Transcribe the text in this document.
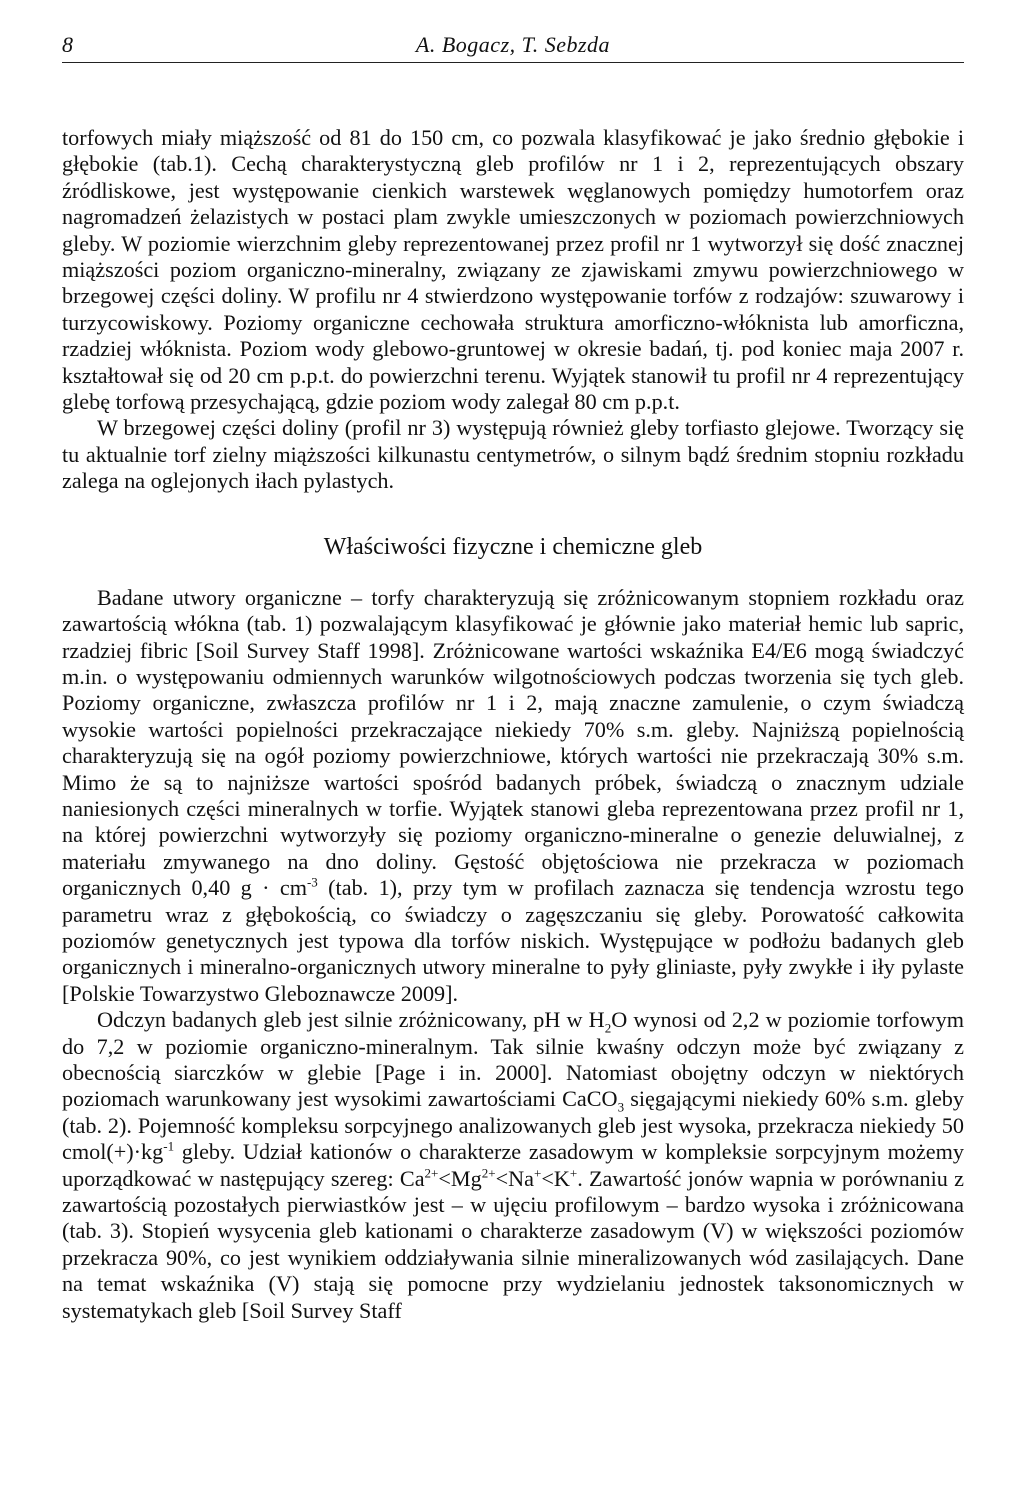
8	A. Bogacz, T. Sebzda

torfowych miały miąższość od 81 do 150 cm, co pozwala klasyfikować je jako średnio głębokie i głębokie (tab.1). Cechą charakterystyczną gleb profilów nr 1 i 2, reprezentujących obszary źródliskowe, jest występowanie cienkich warstewek węglanowych pomiędzy humotorfem oraz nagromadzeń żelazistych w postaci plam zwykle umieszczonych w poziomach powierzchniowych gleby. W poziomie wierzchnim gleby reprezentowanej przez profil nr 1 wytworzył się dość znacznej miąższości poziom organiczno-mineralny, związany ze zjawiskami zmywu powierzchniowego w brzegowej części doliny. W profilu nr 4 stwierdzono występowanie torfów z rodzajów: szuwarowy i turzycowiskowy. Poziomy organiczne cechowała struktura amorficzno-włóknista lub amorficzna, rzadziej włóknista. Poziom wody glebowo-gruntowej w okresie badań, tj. pod koniec maja 2007 r. kształtował się od 20 cm p.p.t. do powierzchni terenu. Wyjątek stanowił tu profil nr 4 reprezentujący glebę torfową przesychającą, gdzie poziom wody zalegał 80 cm p.p.t.

W brzegowej części doliny (profil nr 3) występują również gleby torfiasto glejowe. Tworzący się tu aktualnie torf zielny miąższości kilkunastu centymetrów, o silnym bądź średnim stopniu rozkładu zalega na oglejonych iłach pylastych.

Właściwości fizyczne i chemiczne gleb

Badane utwory organiczne – torfy charakteryzują się zróżnicowanym stopniem rozkładu oraz zawartością włókna (tab. 1) pozwalającym klasyfikować je głównie jako materiał hemic lub sapric, rzadziej fibric [Soil Survey Staff 1998]. Zróżnicowane wartości wskaźnika E4/E6 mogą świadczyć m.in. o występowaniu odmiennych warunków wilgotnościowych podczas tworzenia się tych gleb. Poziomy organiczne, zwłaszcza profilów nr 1 i 2, mają znaczne zamulenie, o czym świadczą wysokie wartości popielności przekraczające niekiedy 70% s.m. gleby. Najniższą popielnością charakteryzują się na ogół poziomy powierzchniowe, których wartości nie przekraczają 30% s.m. Mimo że są to najniższe wartości spośród badanych próbek, świadczą o znacznym udziale naniesionych części mineralnych w torfie. Wyjątek stanowi gleba reprezentowana przez profil nr 1, na której powierzchni wytworzyły się poziomy organiczno-mineralne o genezie deluwialnej, z materiału zmywanego na dno doliny. Gęstość objętościowa nie przekracza w poziomach organicznych 0,40 $g \cdot cm^{-3}$ (tab. 1), przy tym w profilach zaznacza się tendencja wzrostu tego parametru wraz z głębokością, co świadczy o zagęszczaniu się gleby. Porowatość całkowita poziomów genetycznych jest typowa dla torfów niskich. Występujące w podłożu badanych gleb organicznych i mineralno-organicznych utwory mineralne to pyły gliniaste, pyły zwykłe i iły pylaste [Polskie Towarzystwo Gleboznawcze 2009].

Odczyn badanych gleb jest silnie zróżnicowany, pH w $H_2O$ wynosi od 2,2 w poziomie torfowym do 7,2 w poziomie organiczno-mineralnym. Tak silnie kwaśny odczyn może być związany z obecnością siarczków w glebie [Page i in. 2000]. Natomiast obojętny odczyn w niektórych poziomach warunkowany jest wysokimi zawartościami CaCO$_3$ sięgającymi niekiedy 60% s.m. gleby (tab. 2). Pojemność kompleksu sorpcyjnego analizowanych gleb jest wysoka, przekracza niekiedy 50 $cmol(+)\cdot kg^{-1}$ gleby. Udział kationów o charakterze zasadowym w kompleksie sorpcyjnym możemy uporządkować w następujący szereg: $Ca^{2+}<Mg^{2+}<Na^+<K^+$. Zawartość jonów wapnia w porównaniu z zawartością pozostałych pierwiastków jest – w ujęciu profilowym – bardzo wysoka i zróżnicowana (tab. 3). Stopień wysycenia gleb kationami o charakterze zasadowym (V) w większości poziomów przekracza 90%, co jest wynikiem oddziaływania silnie mineralizowanych wód zasilających. Dane na temat wskaźnika (V) stają się pomocne przy wydzielaniu jednostek taksonomicznych w systematykach gleb [Soil Survey Staff
